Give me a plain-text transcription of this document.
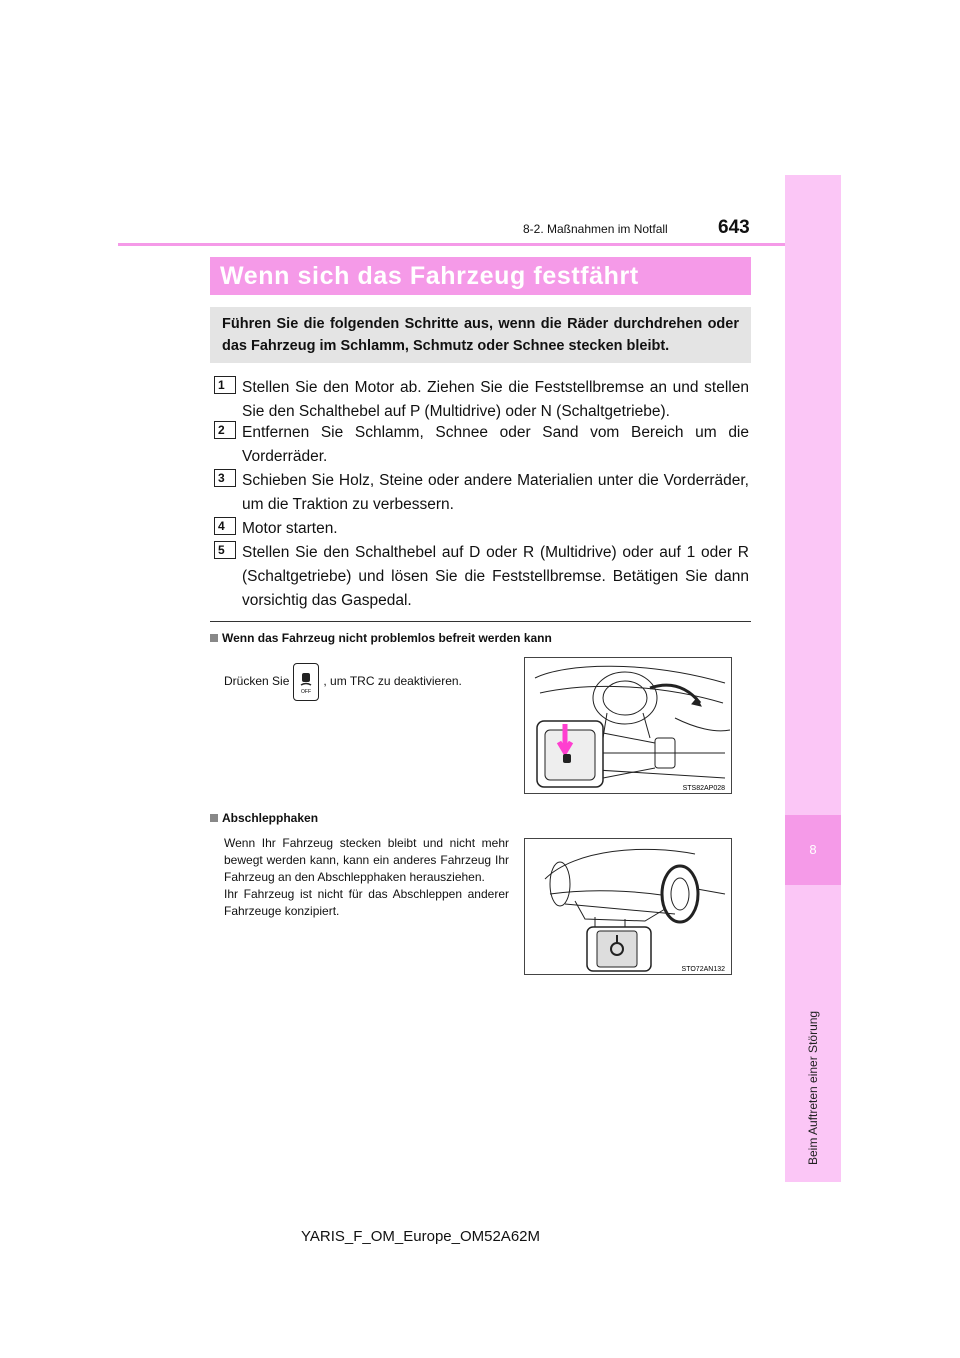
8
Beim Auftreten einer Störung
8-2. Maßnahmen im Notfall	643
Wenn sich das Fahrzeug festfährt
Führen Sie die folgenden Schritte aus, wenn die Räder durchdrehen oder das Fahrzeug im Schlamm, Schmutz oder Schnee stecken bleibt.
1	Stellen Sie den Motor ab. Ziehen Sie die Feststellbremse an und stellen Sie den Schalthebel auf P (Multidrive) oder N (Schaltgetriebe).
2	Entfernen Sie Schlamm, Schnee oder Sand vom Bereich um die Vorderräder.
3	Schieben Sie Holz, Steine oder andere Materialien unter die Vorderräder, um die Traktion zu verbessern.
4	Motor starten.
5	Stellen Sie den Schalthebel auf D oder R (Multidrive) oder auf 1 oder R (Schaltgetriebe) und lösen Sie die Feststellbremse. Betätigen Sie dann vorsichtig das Gaspedal.
Wenn das Fahrzeug nicht problemlos befreit werden kann
Drücken Sie
OFF
, um TRC zu deaktivieren.
STS82AP028
Abschlepphaken
Wenn Ihr Fahrzeug stecken bleibt und nicht mehr bewegt werden kann, kann ein anderes Fahrzeug Ihr Fahrzeug an den Abschlepphaken herausziehen.
Ihr Fahrzeug ist nicht für das Abschleppen anderer Fahrzeuge konzipiert.
STO72AN132
YARIS_F_OM_Europe_OM52A62M
